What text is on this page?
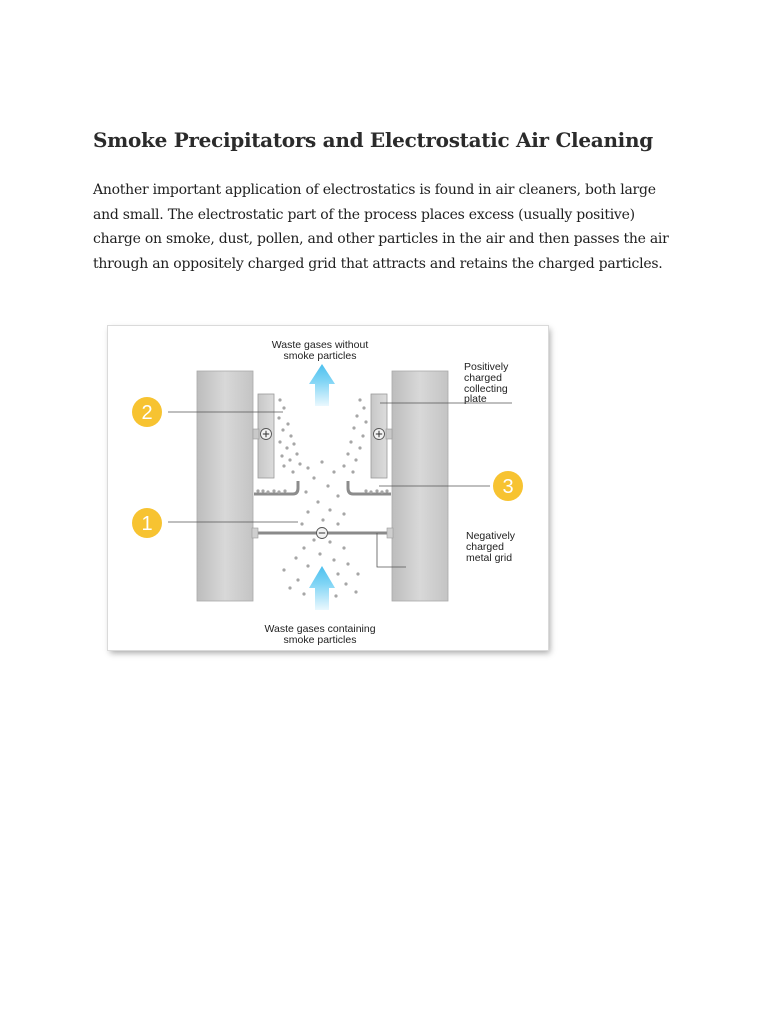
Smoke Precipitators and Electrostatic Air Cleaning

Another important application of electrostatics is found in air cleaners, both large and small. The electrostatic part of the process places excess (usually positive) charge on smoke, dust, pollen, and other particles in the air and then passes the air through an oppositely charged grid that attracts and retains the charged particles.

2
1
3
Waste gases without
smoke particles
Waste gases containing
smoke particles
Positively
charged
collecting
plate
Negatively
charged
metal grid
